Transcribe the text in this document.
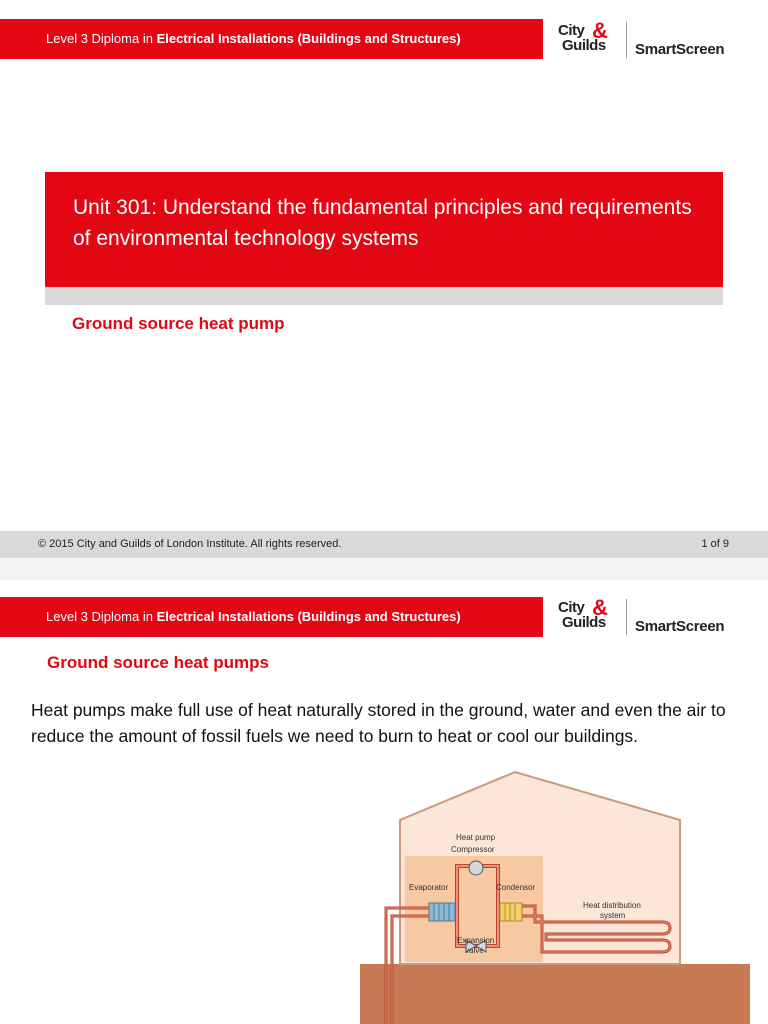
Level 3 Diploma in Electrical Installations (Buildings and Structures)	City &
Guilds SmartScreen
Unit 301: Understand the fundamental principles and requirements of environmental technology systems
Ground source heat pump
© 2015 City and Guilds of London Institute. All rights reserved.	1 of 9
Level 3 Diploma in Electrical Installations (Buildings and Structures)
City &
Guilds SmartScreen
Ground source heat pumps
Heat pumps make full use of heat naturally stored in the ground, water and even the air to reduce the amount of fossil fuels we need to burn to heat or cool our buildings.
Heat pump
Compressor
Evaporator	Condensor
Expansion
valve
Heat distribution
system
